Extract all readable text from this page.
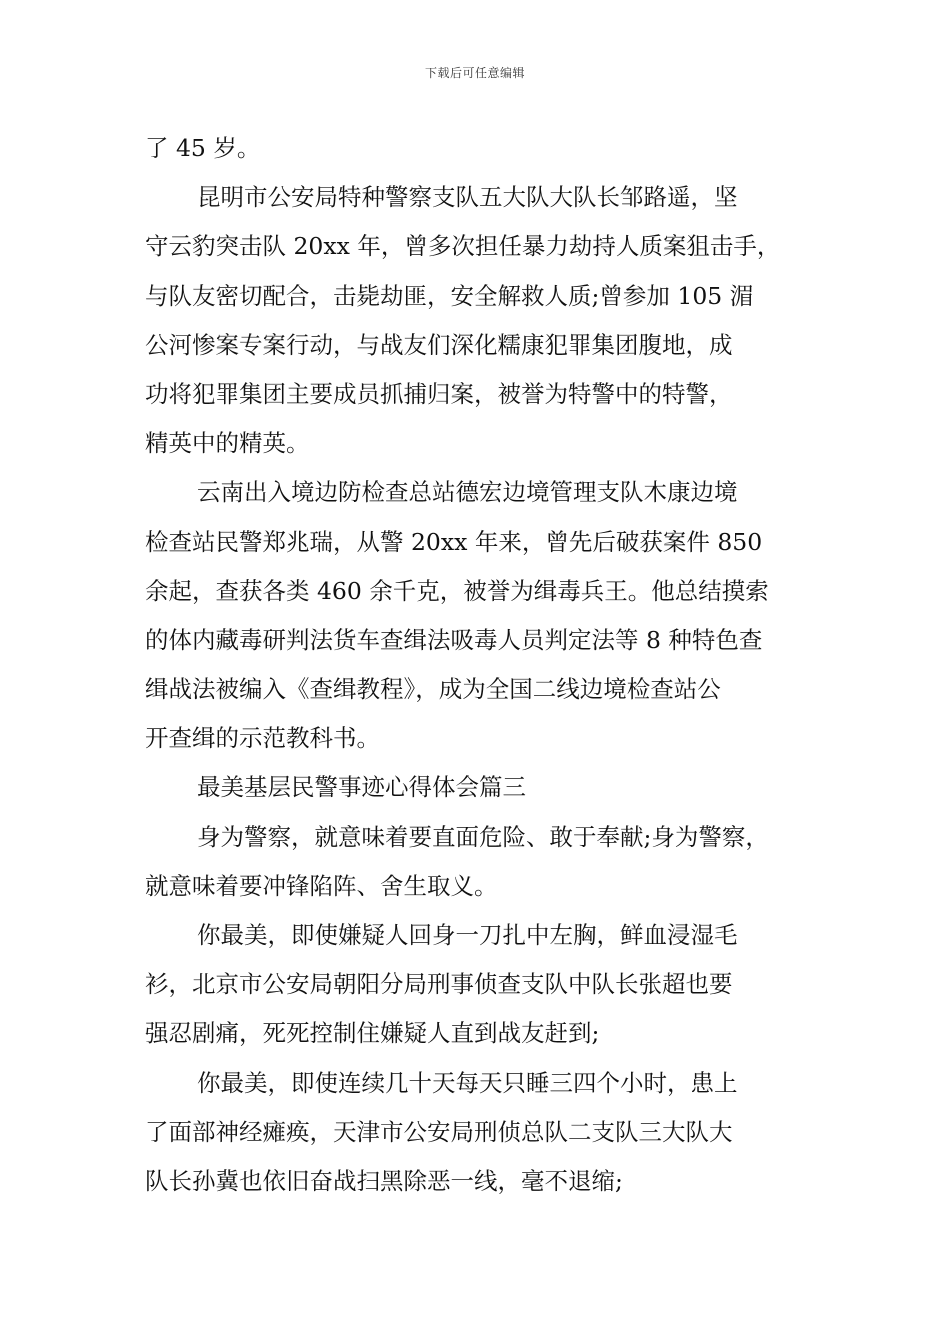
下载后可任意编辑
了 45 岁。
昆明市公安局特种警察支队五大队大队长邹路遥，坚
守云豹突击队 20xx 年，曾多次担任暴力劫持人质案狙击手，
与队友密切配合，击毙劫匪，安全解救人质;曾参加 105 湄
公河惨案专案行动，与战友们深化糯康犯罪集团腹地，成
功将犯罪集团主要成员抓捕归案，被誉为特警中的特警，
精英中的精英。
云南出入境边防检查总站德宏边境管理支队木康边境
检查站民警郑兆瑞，从警 20xx 年来，曾先后破获案件 850
余起，查获各类 460 余千克，被誉为缉毒兵王。他总结摸索
的体内藏毒研判法货车查缉法吸毒人员判定法等 8 种特色查
缉战法被编入《查缉教程》，成为全国二线边境检查站公
开查缉的示范教科书。
最美基层民警事迹心得体会篇三
身为警察，就意味着要直面危险、敢于奉献;身为警察，
就意味着要冲锋陷阵、舍生取义。
你最美，即使嫌疑人回身一刀扎中左胸，鲜血浸湿毛
衫，北京市公安局朝阳分局刑事侦查支队中队长张超也要
强忍剧痛，死死控制住嫌疑人直到战友赶到;
你最美，即使连续几十天每天只睡三四个小时，患上
了面部神经瘫痪，天津市公安局刑侦总队二支队三大队大
队长孙冀也依旧奋战扫黑除恶一线，毫不退缩;
